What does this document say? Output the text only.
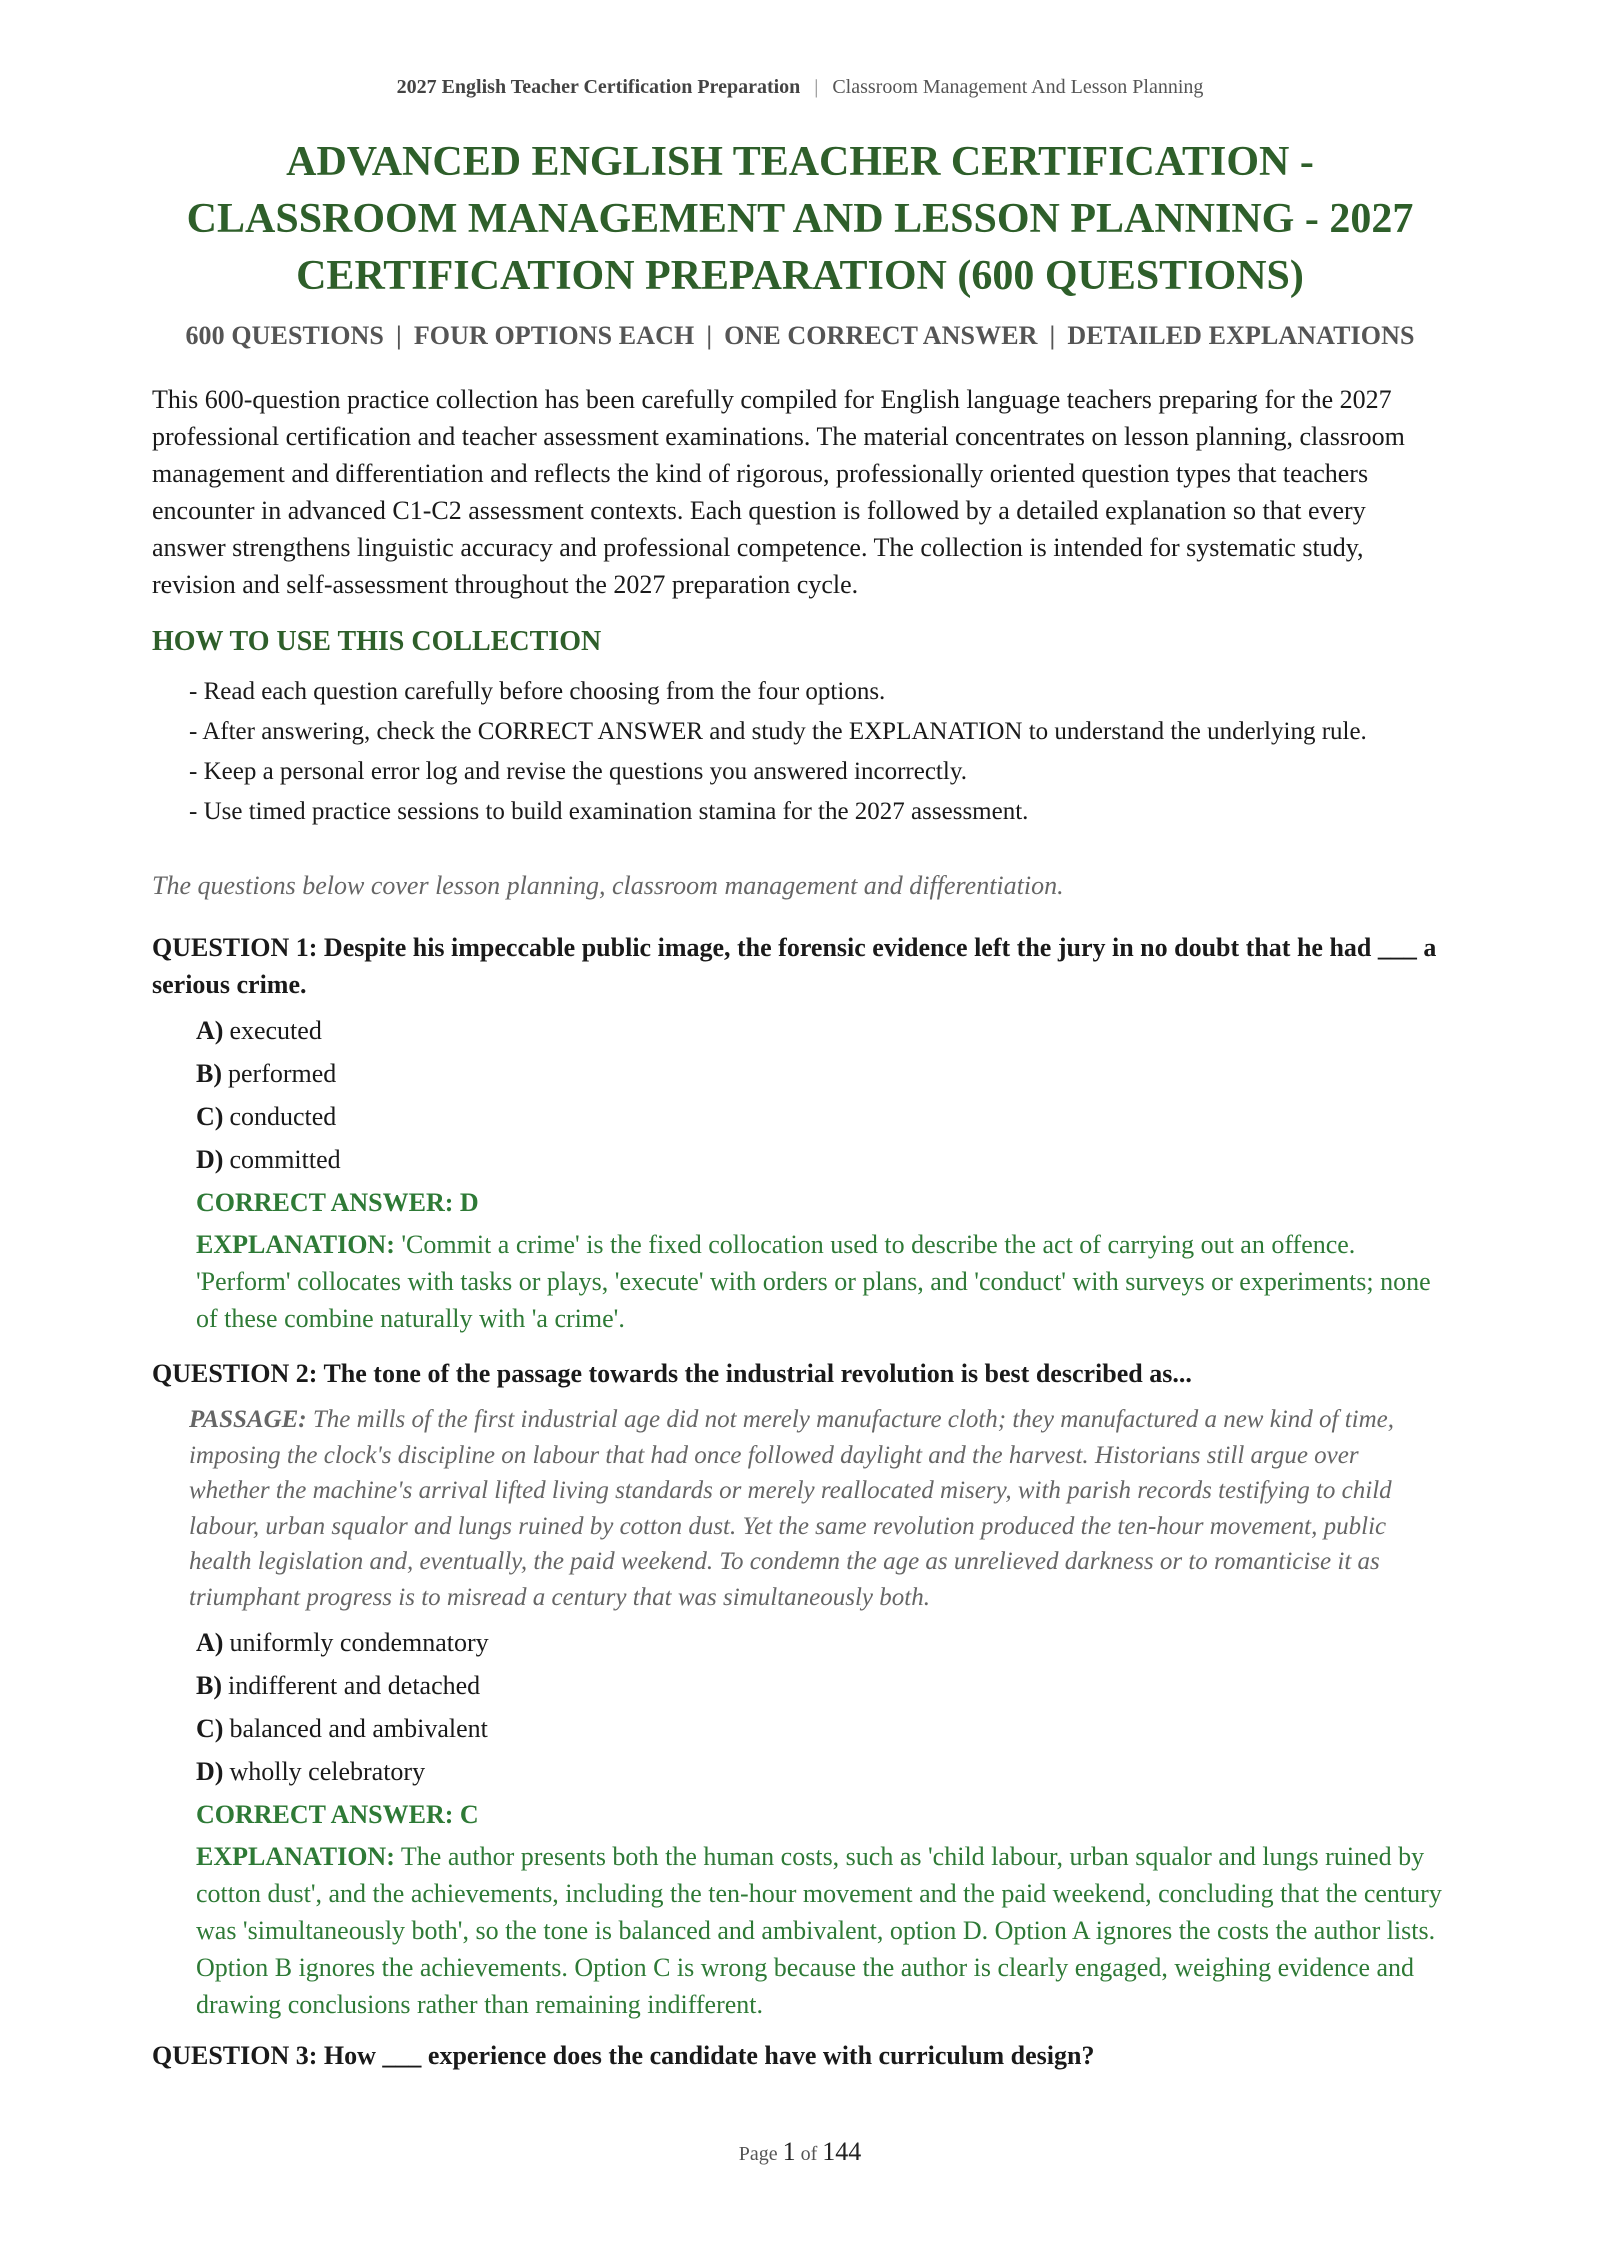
2027 English Teacher Certification Preparation | Classroom Management And Lesson Planning
ADVANCED ENGLISH TEACHER CERTIFICATION -
CLASSROOM MANAGEMENT AND LESSON PLANNING - 2027
CERTIFICATION PREPARATION (600 QUESTIONS)
600 QUESTIONS | FOUR OPTIONS EACH | ONE CORRECT ANSWER | DETAILED EXPLANATIONS

This 600-question practice collection has been carefully compiled for English language teachers preparing for the 2027 professional certification and teacher assessment examinations. The material concentrates on lesson planning, classroom management and differentiation and reflects the kind of rigorous, professionally oriented question types that teachers encounter in advanced C1-C2 assessment contexts. Each question is followed by a detailed explanation so that every answer strengthens linguistic accuracy and professional competence. The collection is intended for systematic study, revision and self-assessment throughout the 2027 preparation cycle.

HOW TO USE THIS COLLECTION
- Read each question carefully before choosing from the four options.
- After answering, check the CORRECT ANSWER and study the EXPLANATION to understand the underlying rule.
- Keep a personal error log and revise the questions you answered incorrectly.
- Use timed practice sessions to build examination stamina for the 2027 assessment.

The questions below cover lesson planning, classroom management and differentiation.

QUESTION 1: Despite his impeccable public image, the forensic evidence left the jury in no doubt that he had ___ a serious crime.

A) executed
B) performed
C) conducted
D) committed

CORRECT ANSWER: D

EXPLANATION: 'Commit a crime' is the fixed collocation used to describe the act of carrying out an offence. 'Perform' collocates with tasks or plays, 'execute' with orders or plans, and 'conduct' with surveys or experiments; none of these combine naturally with 'a crime'.

QUESTION 2: The tone of the passage towards the industrial revolution is best described as...

PASSAGE: The mills of the first industrial age did not merely manufacture cloth; they manufactured a new kind of time, imposing the clock's discipline on labour that had once followed daylight and the harvest. Historians still argue over whether the machine's arrival lifted living standards or merely reallocated misery, with parish records testifying to child labour, urban squalor and lungs ruined by cotton dust. Yet the same revolution produced the ten-hour movement, public health legislation and, eventually, the paid weekend. To condemn the age as unrelieved darkness or to romanticise it as triumphant progress is to misread a century that was simultaneously both.
A) uniformly condemnatory
B) indifferent and detached
C) balanced and ambivalent
D) wholly celebratory

CORRECT ANSWER: C

EXPLANATION: The author presents both the human costs, such as 'child labour, urban squalor and lungs ruined by cotton dust', and the achievements, including the ten-hour movement and the paid weekend, concluding that the century was 'simultaneously both', so the tone is balanced and ambivalent, option D. Option A ignores the costs the author lists. Option B ignores the achievements. Option C is wrong because the author is clearly engaged, weighing evidence and drawing conclusions rather than remaining indifferent.

QUESTION 3: How ___ experience does the candidate have with curriculum design?

Page 1 of 144
